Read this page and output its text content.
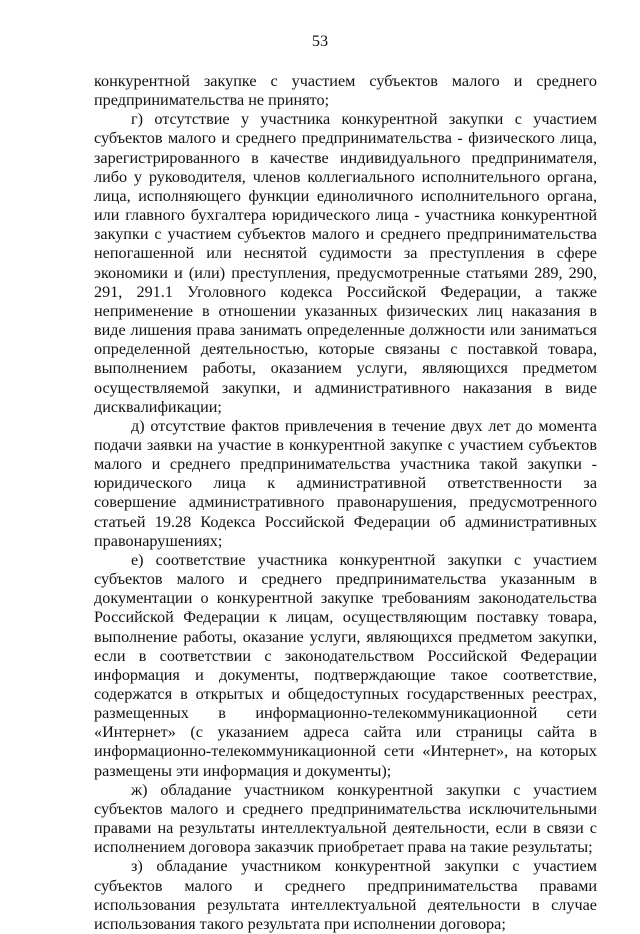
53

конкурентной закупке с участием субъектов малого и среднего предпринимательства не принято;

г) отсутствие у участника конкурентной закупки с участием субъектов малого и среднего предпринимательства - физического лица, зарегистрированного в качестве индивидуального предпринимателя, либо у руководителя, членов коллегиального исполнительного органа, лица, исполняющего функции единоличного исполнительного органа, или главного бухгалтера юридического лица - участника конкурентной закупки с участием субъектов малого и среднего предпринимательства непогашенной или неснятой судимости за преступления в сфере экономики и (или) преступления, предусмотренные статьями 289, 290, 291, 291.1 Уголовного кодекса Российской Федерации, а также неприменение в отношении указанных физических лиц наказания в виде лишения права занимать определенные должности или заниматься определенной деятельностью, которые связаны с поставкой товара, выполнением работы, оказанием услуги, являющихся предметом осуществляемой закупки, и административного наказания в виде дисквалификации;

д) отсутствие фактов привлечения в течение двух лет до момента подачи заявки на участие в конкурентной закупке с участием субъектов малого и среднего предпринимательства участника такой закупки - юридического лица к административной ответственности за совершение административного правонарушения, предусмотренного статьей 19.28 Кодекса Российской Федерации об административных правонарушениях;

е) соответствие участника конкурентной закупки с участием субъектов малого и среднего предпринимательства указанным в документации о конкурентной закупке требованиям законодательства Российской Федерации к лицам, осуществляющим поставку товара, выполнение работы, оказание услуги, являющихся предметом закупки, если в соответствии с законодательством Российской Федерации информация и документы, подтверждающие такое соответствие, содержатся в открытых и общедоступных государственных реестрах, размещенных в информационно-телекоммуникационной сети «Интернет» (с указанием адреса сайта или страницы сайта в информационно-телекоммуникационной сети «Интернет», на которых размещены эти информация и документы);

ж) обладание участником конкурентной закупки с участием субъектов малого и среднего предпринимательства исключительными правами на результаты интеллектуальной деятельности, если в связи с исполнением договора заказчик приобретает права на такие результаты;

з) обладание участником конкурентной закупки с участием субъектов малого и среднего предпринимательства правами использования результата интеллектуальной деятельности в случае использования такого результата при исполнении договора;
